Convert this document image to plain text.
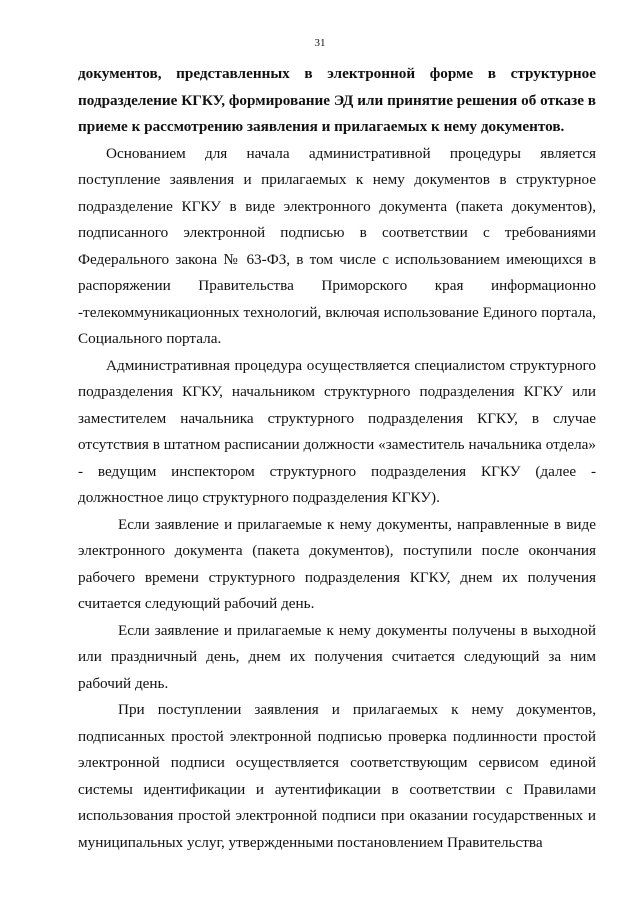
31

документов, представленных в электронной форме в структурное подразделение КГКУ, формирование ЭД или принятие решения об отказе в приеме к рассмотрению заявления и прилагаемых к нему документов.

Основанием для начала административной процедуры является поступление заявления и прилагаемых к нему документов в структурное подразделение КГКУ в виде электронного документа (пакета документов), подписанного электронной подписью в соответствии с требованиями Федерального закона № 63-ФЗ, в том числе с использованием имеющихся в распоряжении Правительства Приморского края информационно -телекоммуникационных технологий, включая использование Единого портала, Социального портала.

Административная процедура осуществляется специалистом структурного подразделения КГКУ, начальником структурного подразделения КГКУ или заместителем начальника структурного подразделения КГКУ, в случае отсутствия в штатном расписании должности «заместитель начальника отдела» - ведущим инспектором структурного подразделения КГКУ (далее - должностное лицо структурного подразделения КГКУ).

Если заявление и прилагаемые к нему документы, направленные в виде электронного документа (пакета документов), поступили после окончания рабочего времени структурного подразделения КГКУ, днем их получения считается следующий рабочий день.

Если заявление и прилагаемые к нему документы получены в выходной или праздничный день, днем их получения считается следующий за ним рабочий день.

При поступлении заявления и прилагаемых к нему документов, подписанных простой электронной подписью проверка подлинности простой электронной подписи осуществляется соответствующим сервисом единой системы идентификации и аутентификации в соответствии с Правилами использования простой электронной подписи при оказании государственных и муниципальных услуг, утвержденными постановлением Правительства
